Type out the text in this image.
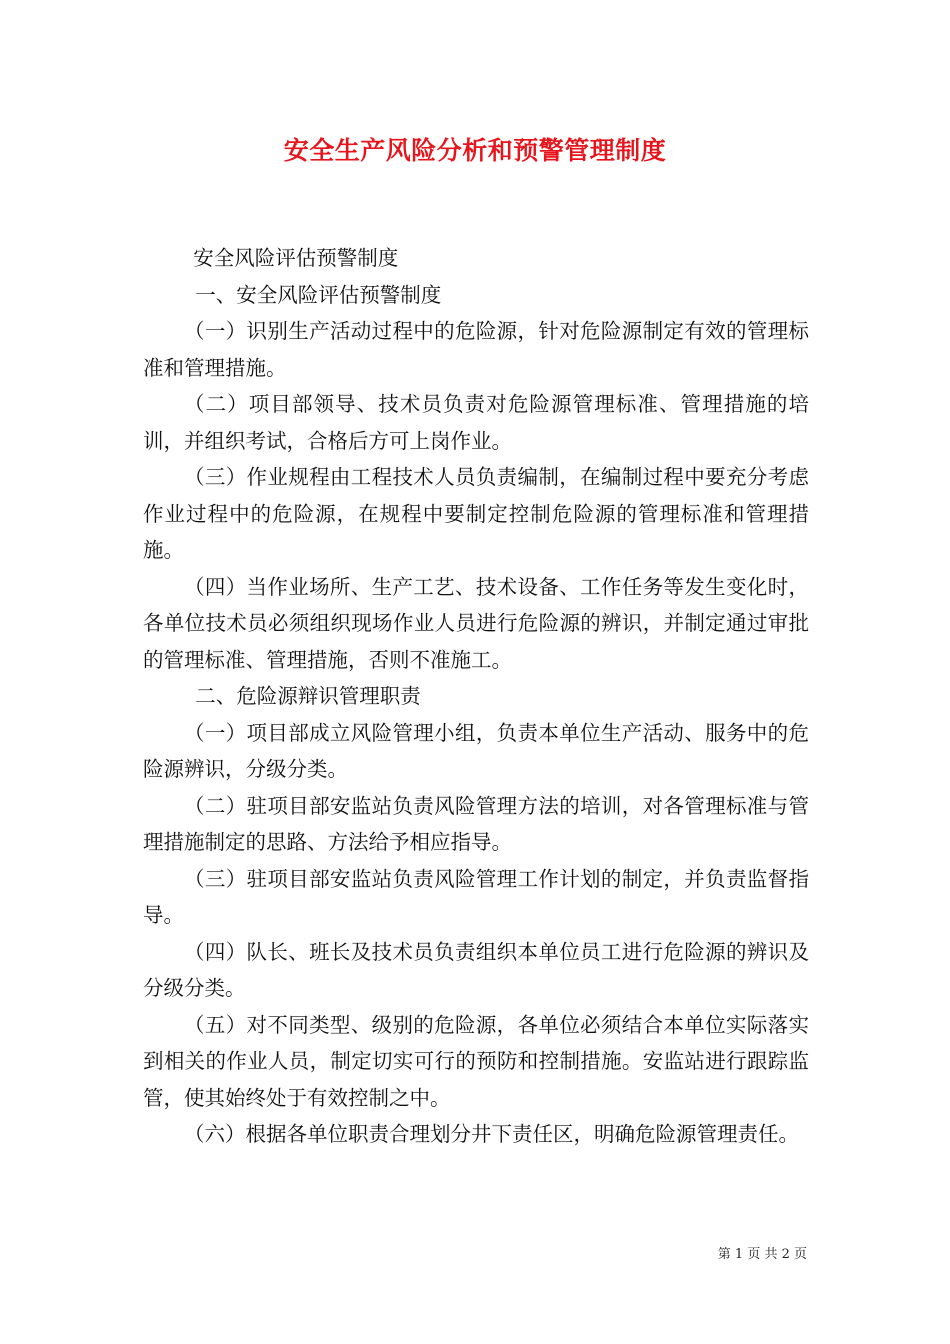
安全生产风险分析和预警管理制度

安全风险评估预警制度

一、安全风险评估预警制度

（一）识别生产活动过程中的危险源，针对危险源制定有效的管理标准和管理措施。

（二）项目部领导、技术员负责对危险源管理标准、管理措施的培训，并组织考试，合格后方可上岗作业。

（三）作业规程由工程技术人员负责编制，在编制过程中要充分考虑作业过程中的危险源，在规程中要制定控制危险源的管理标准和管理措施。

（四）当作业场所、生产工艺、技术设备、工作任务等发生变化时，各单位技术员必须组织现场作业人员进行危险源的辨识，并制定通过审批的管理标准、管理措施，否则不准施工。

二、危险源辩识管理职责

（一）项目部成立风险管理小组，负责本单位生产活动、服务中的危险源辨识，分级分类。

（二）驻项目部安监站负责风险管理方法的培训，对各管理标准与管理措施制定的思路、方法给予相应指导。

（三）驻项目部安监站负责风险管理工作计划的制定，并负责监督指导。

（四）队长、班长及技术员负责组织本单位员工进行危险源的辨识及分级分类。

（五）对不同类型、级别的危险源，各单位必须结合本单位实际落实到相关的作业人员，制定切实可行的预防和控制措施。安监站进行跟踪监管，使其始终处于有效控制之中。

（六）根据各单位职责合理划分井下责任区，明确危险源管理责任。

第 1 页 共 2 页
